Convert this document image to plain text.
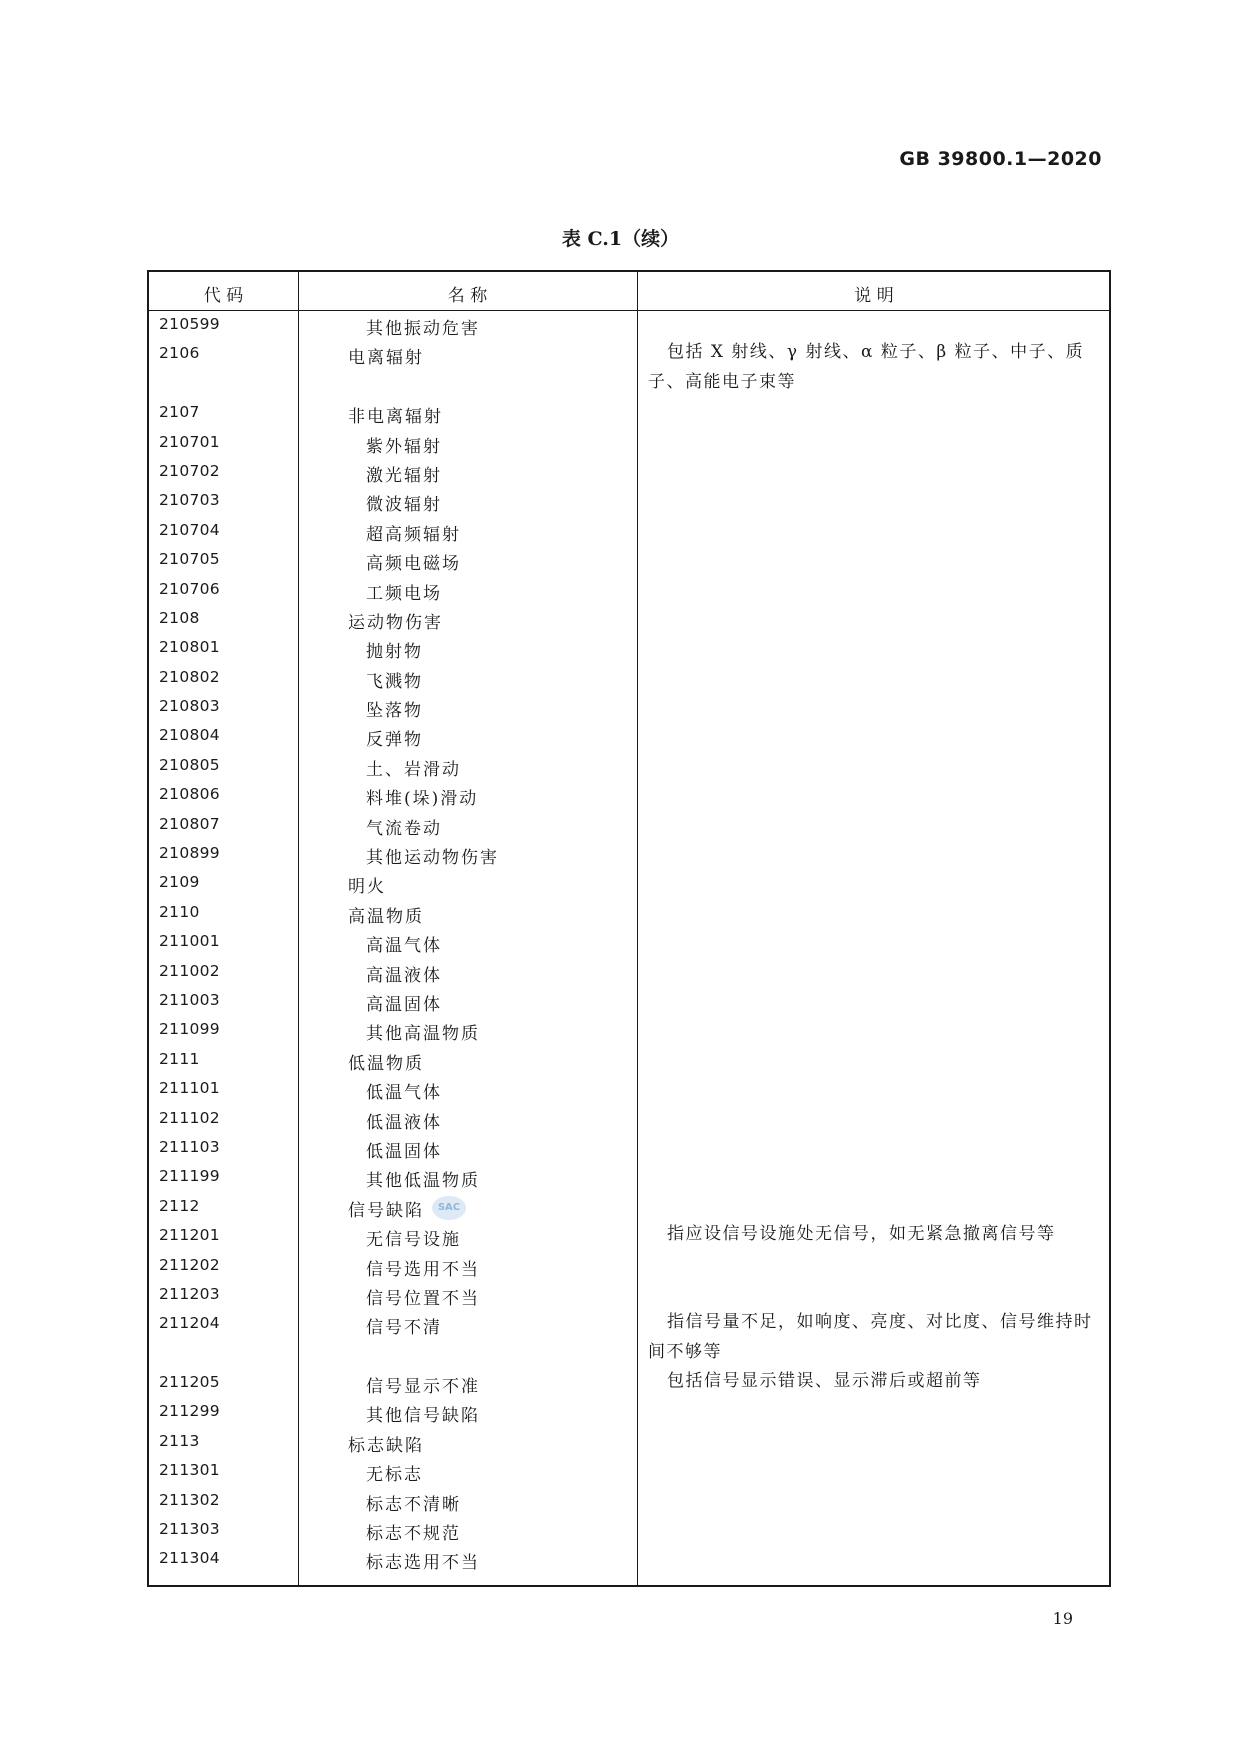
GB 39800.1—2020
表 C.1（续）
代 码	名 称	说 明
210599	其他振动危害
2106	电离辐射	包括 X 射线、γ 射线、α 粒子、β 粒子、中子、质子、高能电子束等
2107	非电离辐射
210701	紫外辐射
210702	激光辐射
210703	微波辐射
210704	超高频辐射
210705	高频电磁场
210706	工频电场
2108	运动物伤害
210801	抛射物
210802	飞溅物
210803	坠落物
210804	反弹物
210805	土、岩滑动
210806	料堆(垛)滑动
210807	气流卷动
210899	其他运动物伤害
2109	明火
2110	高温物质
211001	高温气体
211002	高温液体
211003	高温固体
211099	其他高温物质
2111	低温物质
211101	低温气体
211102	低温液体
211103	低温固体
211199	其他低温物质
2112	信号缺陷
211201	无信号设施	指应设信号设施处无信号，如无紧急撤离信号等
211202	信号选用不当
211203	信号位置不当
211204	信号不清	指信号量不足，如响度、亮度、对比度、信号维持时间不够等
211205	信号显示不准	包括信号显示错误、显示滞后或超前等
211299	其他信号缺陷
2113	标志缺陷
211301	无标志
211302	标志不清晰
211303	标志不规范
211304	标志选用不当
SAC
19
